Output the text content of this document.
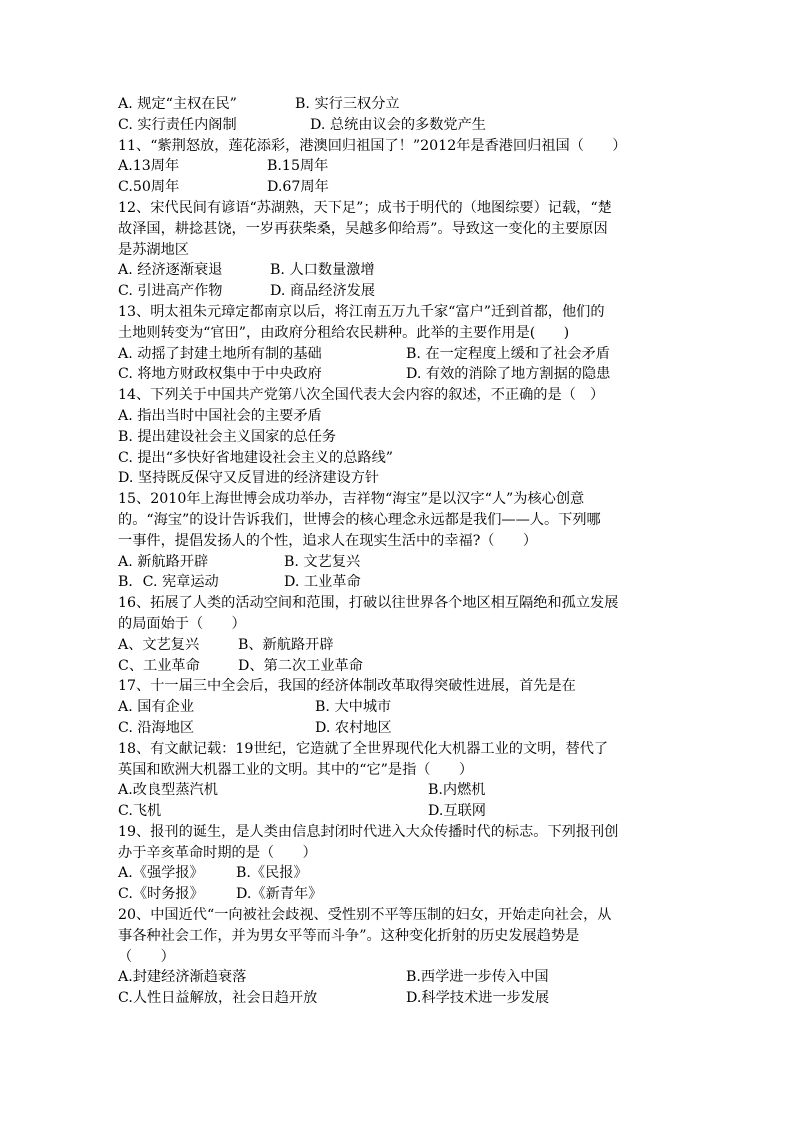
A. 规定“主权在民”	B. 实行三权分立
C. 实行责任内阁制	D. 总统由议会的多数党产生
11、“紫荆怒放，莲花添彩，港澳回归祖国了！”2012年是香港回归祖国（　　）
A.13周年	B.15周年
C.50周年	D.67周年
12、宋代民间有谚语“苏湖熟，天下足”；成书于明代的（地图综要）记载，“楚
故泽国，耕捻甚饶，一岁再获柴桑，吴越多仰给焉”。导致这一变化的主要原因
是苏湖地区
A. 经济逐渐衰退	B. 人口数量激增
C. 引进高产作物	D. 商品经济发展
13、明太祖朱元璋定都南京以后，将江南五万九千家“富户”迁到首都，他们的
土地则转变为“官田”，由政府分租给农民耕种。此举的主要作用是(　　)
A. 动摇了封建土地所有制的基础	B. 在一定程度上缓和了社会矛盾
C. 将地方财政权集中于中央政府	D. 有效的消除了地方割据的隐患
14、下列关于中国共产党第八次全国代表大会内容的叙述，不正确的是（　）
A. 指出当时中国社会的主要矛盾
B. 提出建设社会主义国家的总任务
C. 提出“多快好省地建设社会主义的总路线”
D. 坚持既反保守又反冒进的经济建设方针
15、2010年上海世博会成功举办，吉祥物“海宝”是以汉字“人”为核心创意
的。“海宝”的设计告诉我们，世博会的核心理念永远都是我们——人。下列哪
一事件，提倡发扬人的个性，追求人在现实生活中的幸福?（　　）
A. 新航路开辟	B. 文艺复兴
B．C. 宪章运动	D. 工业革命
16、拓展了人类的活动空间和范围，打破以往世界各个地区相互隔绝和孤立发展
的局面始于（　　）
A、文艺复兴	B、新航路开辟
C、工业革命	D、第二次工业革命
17、十一届三中全会后，我国的经济体制改革取得突破性进展，首先是在
A. 国有企业	B. 大中城市
C. 沿海地区	D. 农村地区
18、有文献记载：19世纪，它造就了全世界现代化大机器工业的文明，替代了
英国和欧洲大机器工业的文明。其中的“它”是指（　　）
A.改良型蒸汽机	B.内燃机
C.飞机	D.互联网
19、报刊的诞生，是人类由信息封闭时代进入大众传播时代的标志。下列报刊创
办于辛亥革命时期的是（　　）
A.《强学报》 B.《民报》
C.《时务报》 D.《新青年》
20、中国近代“一向被社会歧视、受性别不平等压制的妇女，开始走向社会，从
事各种社会工作，并为男女平等而斗争”。这种变化折射的历史发展趋势是
（　　）
A.封建经济渐趋衰落	B.西学进一步传入中国
C.人性日益解放，社会日趋开放	D.科学技术进一步发展
